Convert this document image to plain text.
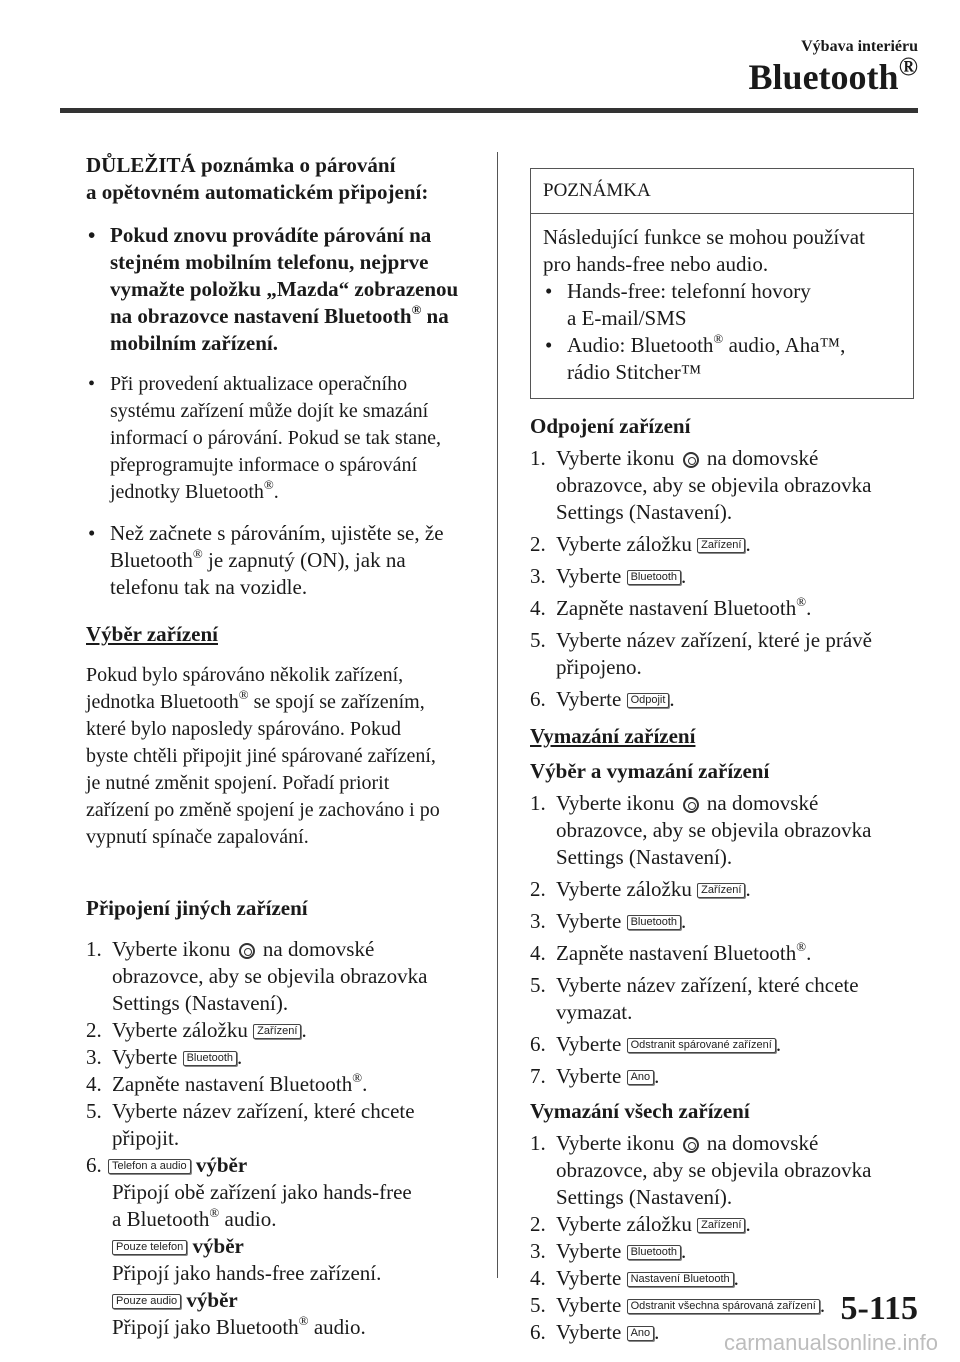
Výbava interiéru
Bluetooth®
DŮLEŽITÁ poznámka o párování
a opětovném automatickém připojení:
• Pokud znovu provádíte párování na
stejném mobilním telefonu, nejprve
vymažte položku „Mazda“ zobrazenou
na obrazovce nastavení Bluetooth® na
mobilním zařízení.
• Při provedení aktualizace operačního
systému zařízení může dojít ke smazání
informací o párování. Pokud se tak stane,
přeprogramujte informace o spárování
jednotky Bluetooth®.
• Než začnete s párováním, ujistěte se, že
Bluetooth® je zapnutý (ON), jak na
telefonu tak na vozidle.
Výběr zařízení
Pokud bylo spárováno několik zařízení,
jednotka Bluetooth® se spojí se zařízením,
které bylo naposledy spárováno. Pokud
byste chtěli připojit jiné spárované zařízení,
je nutné změnit spojení. Pořadí priorit
zařízení po změně spojení je zachováno i po
vypnutí spínače zapalování.
Připojení jiných zařízení
1. Vyberte ikonu na domovské
obrazovce, aby se objevila obrazovka
Settings (Nastavení).
2. Vyberte záložku Zařízení .
3. Vyberte Bluetooth .
4. Zapněte nastavení Bluetooth®.
5. Vyberte název zařízení, které chcete
připojit.
6. Telefon a audio výběr
Připojí obě zařízení jako hands-free
a Bluetooth® audio.
Pouze telefon výběr
Připojí jako hands-free zařízení.
Pouze audio výběr
Připojí jako Bluetooth® audio.
POZNÁMKA
Následující funkce se mohou používat
pro hands-free nebo audio.
• Hands-free: telefonní hovory
a E-mail/SMS
• Audio: Bluetooth® audio, Aha™,
rádio Stitcher™
Odpojení zařízení
1. Vyberte ikonu na domovské
obrazovce, aby se objevila obrazovka
Settings (Nastavení).
2. Vyberte záložku Zařízení .
3. Vyberte Bluetooth .
4. Zapněte nastavení Bluetooth®.
5. Vyberte název zařízení, které je právě
připojeno.
6. Vyberte Odpojit .
Vymazání zařízení
Výběr a vymazání zařízení
1. Vyberte ikonu na domovské
obrazovce, aby se objevila obrazovka
Settings (Nastavení).
2. Vyberte záložku Zařízení .
3. Vyberte Bluetooth .
4. Zapněte nastavení Bluetooth®.
5. Vyberte název zařízení, které chcete
vymazat.
6. Vyberte Odstranit spárované zařízení .
7. Vyberte Ano .
Vymazání všech zařízení
1. Vyberte ikonu na domovské
obrazovce, aby se objevila obrazovka
Settings (Nastavení).
2. Vyberte záložku Zařízení .
3. Vyberte Bluetooth .
4. Vyberte Nastavení Bluetooth .
5. Vyberte Odstranit všechna spárovaná zařízení .
6. Vyberte Ano .
5-115
carmanualsonline.info
